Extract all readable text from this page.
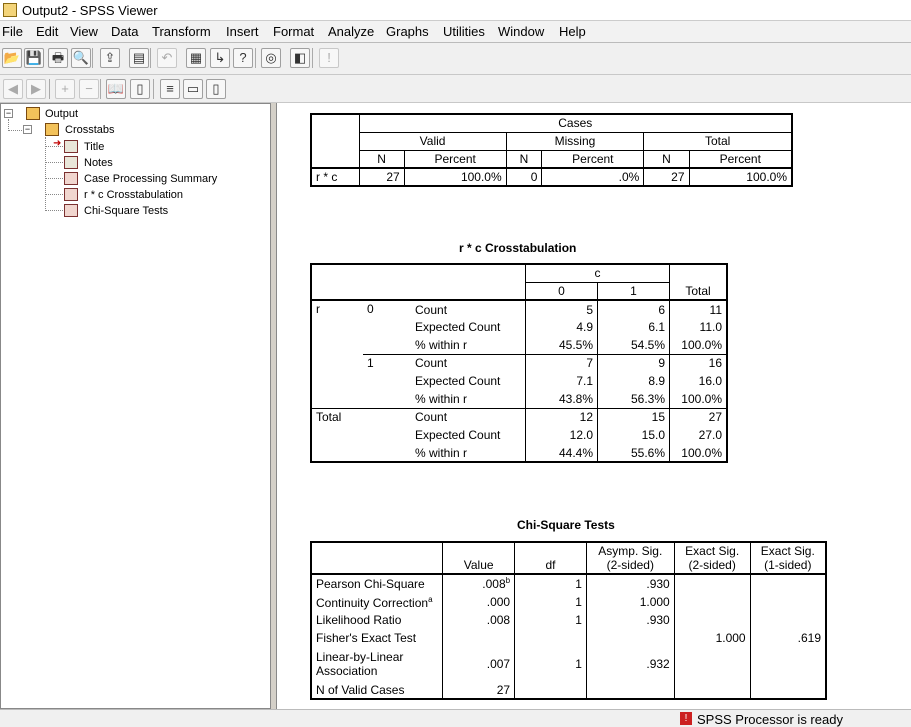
Output2 - SPSS Viewer
File Edit View Data Transform Insert Format Analyze Graphs Utilities Window Help
📂 💾 🖶 🔍	⇪	▤	↶	▦ ↳	?	◎	◧	!
◀	▶	+	−	📖 ▯	≡	▭	▯
−	Output
−	Crosstabs
➜ Title
Notes
Case Processing Summary
r * c Crosstabulation
Chi-Square Tests
	Cases					
	Valid		Missing		Total	
	N	Percent	N	Percent	N	Percent
r * c	27	100.0%	0	.0%	27	100.0%
r * c Crosstabulation
			c		Total
			0	1	
r	0	Count	5	6	11
		Expected Count	4.9	6.1	11.0
		% within r	45.5%	54.5%	100.0%
	1	Count	7	9	16
		Expected Count	7.1	8.9	16.0
		% within r	43.8%	56.3%	100.0%
Total		Count	12	15	27
		Expected Count	12.0	15.0	27.0
		% within r	44.4%	55.6%	100.0%
Chi-Square Tests
	Value	df	Asymp. Sig. (2-sided)	Exact Sig. (2-sided)	Exact Sig. (1-sided)
Pearson Chi-Square	.008$^b$	1	.930		
Continuity Correction$^a$	.000	1	1.000		
Likelihood Ratio	.008	1	.930		
Fisher's Exact Test				1.000	.619
Linear-by-Linear Association	.007	1	.932		
N of Valid Cases	27				
! SPSS Processor is ready
